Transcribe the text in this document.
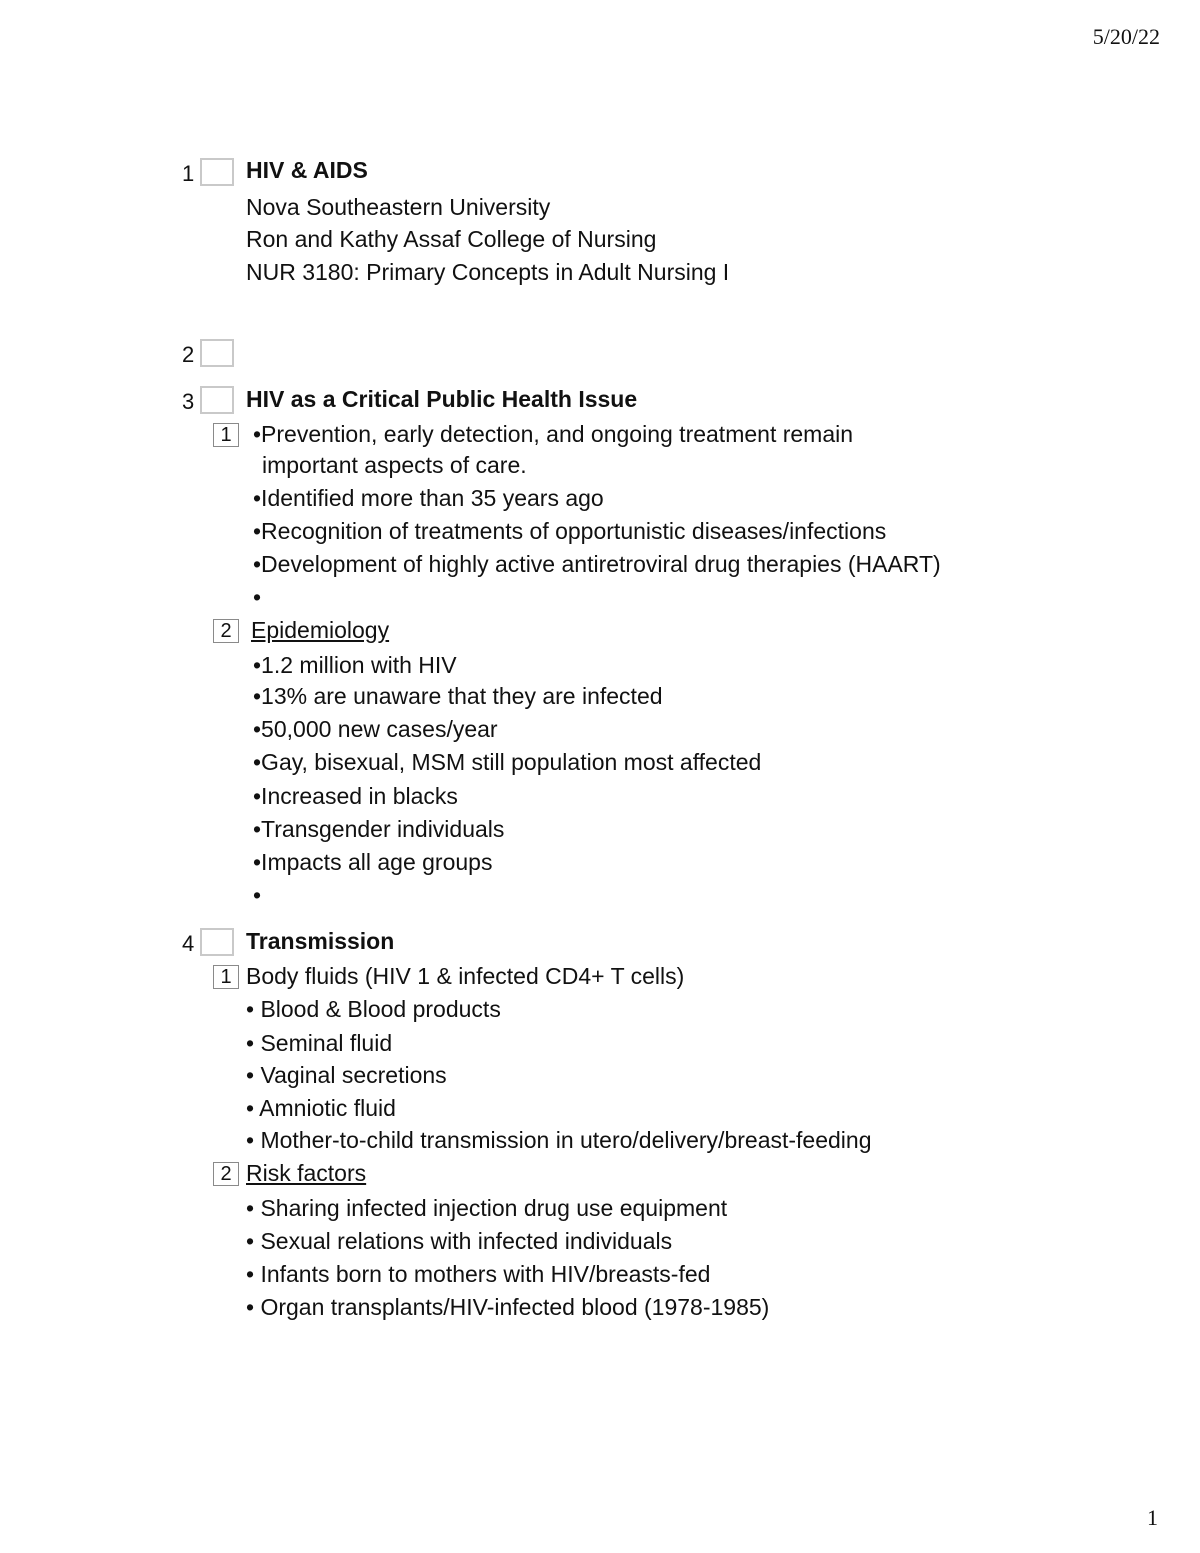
5/20/22
1 HIV & AIDS
Nova Southeastern University
Ron and Kathy Assaf College of Nursing
NUR 3180: Primary Concepts in Adult Nursing I
2
3 HIV as a Critical Public Health Issue
1 •Prevention, early detection, and ongoing treatment remain
important aspects of care.
•Identified more than 35 years ago
•Recognition of treatments of opportunistic diseases/infections
•Development of highly active antiretroviral drug therapies (HAART)
•
2 Epidemiology
•1.2 million with HIV
•13% are unaware that they are infected
•50,000 new cases/year
•Gay, bisexual, MSM still population most affected
•Increased in blacks
•Transgender individuals
•Impacts all age groups
•
4 Transmission
1 Body fluids (HIV 1 & infected CD4+ T cells)
• Blood & Blood products
• Seminal fluid
• Vaginal secretions
• Amniotic fluid
• Mother-to-child transmission in utero/delivery/breast-feeding
2 Risk factors
• Sharing infected injection drug use equipment
• Sexual relations with infected individuals
• Infants born to mothers with HIV/breasts-fed
• Organ transplants/HIV-infected blood (1978-1985)
1
